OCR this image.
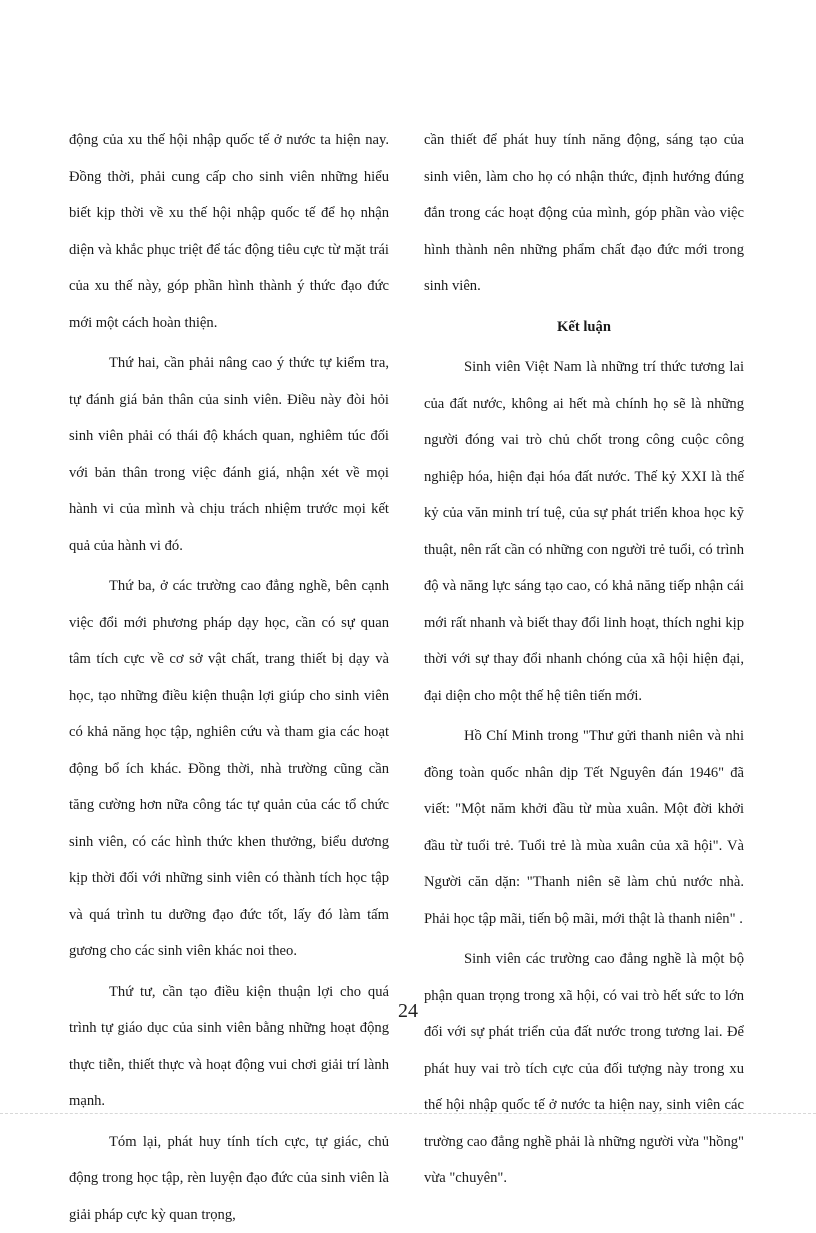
động của xu thế hội nhập quốc tế ở nước ta hiện nay. Đồng thời, phải cung cấp cho sinh viên những hiểu biết kịp thời về xu thế hội nhập quốc tế để họ nhận diện và khắc phục triệt để tác động tiêu cực từ mặt trái của xu thế này, góp phần hình thành ý thức đạo đức mới một cách hoàn thiện.

Thứ hai, cần phải nâng cao ý thức tự kiểm tra, tự đánh giá bản thân của sinh viên. Điều này đòi hỏi sinh viên phải có thái độ khách quan, nghiêm túc đối với bản thân trong việc đánh giá, nhận xét về mọi hành vi của mình và chịu trách nhiệm trước mọi kết quả của hành vi đó.

Thứ ba, ở các trường cao đẳng nghề, bên cạnh việc đổi mới phương pháp dạy học, cần có sự quan tâm tích cực về cơ sở vật chất, trang thiết bị dạy và học, tạo những điều kiện thuận lợi giúp cho sinh viên có khả năng học tập, nghiên cứu và tham gia các hoạt động bổ ích khác. Đồng thời, nhà trường cũng cần tăng cường hơn nữa công tác tự quản của các tổ chức sinh viên, có các hình thức khen thưởng, biểu dương kịp thời đối với những sinh viên có thành tích học tập và quá trình tu dưỡng đạo đức tốt, lấy đó làm tấm gương cho các sinh viên khác noi theo.

Thứ tư, cần tạo điều kiện thuận lợi cho quá trình tự giáo dục của sinh viên bằng những hoạt động thực tiễn, thiết thực và hoạt động vui chơi giải trí lành mạnh.

Tóm lại, phát huy tính tích cực, tự giác, chủ động trong học tập, rèn luyện đạo đức của sinh viên là giải pháp cực kỳ quan trọng,

cần thiết để phát huy tính năng động, sáng tạo của sinh viên, làm cho họ có nhận thức, định hướng đúng đắn trong các hoạt động của mình, góp phần vào việc hình thành nên những phẩm chất đạo đức mới trong sinh viên.

Kết luận

Sinh viên Việt Nam là những trí thức tương lai của đất nước, không ai hết mà chính họ sẽ là những người đóng vai trò chủ chốt trong công cuộc công nghiệp hóa, hiện đại hóa đất nước. Thế kỷ XXI là thế kỷ của văn minh trí tuệ, của sự phát triển khoa học kỹ thuật, nên rất cần có những con người trẻ tuổi, có trình độ và năng lực sáng tạo cao, có khả năng tiếp nhận cái mới rất nhanh và biết thay đổi linh hoạt, thích nghi kịp thời với sự thay đổi nhanh chóng của xã hội hiện đại, đại diện cho một thế hệ tiên tiến mới.

Hồ Chí Minh trong "Thư gửi thanh niên và nhi đồng toàn quốc nhân dịp Tết Nguyên đán 1946" đã viết: "Một năm khởi đầu từ mùa xuân. Một đời khởi đầu từ tuổi trẻ. Tuổi trẻ là mùa xuân của xã hội". Và Người căn dặn: "Thanh niên sẽ làm chủ nước nhà. Phải học tập mãi, tiến bộ mãi, mới thật là thanh niên" .

Sinh viên các trường cao đẳng nghề là một bộ phận quan trọng trong xã hội, có vai trò hết sức to lớn đối với sự phát triển của đất nước trong tương lai. Để phát huy vai trò tích cực của đối tượng này trong xu thế hội nhập quốc tế ở nước ta hiện nay, sinh viên các trường cao đẳng nghề phải là những người vừa "hồng" vừa "chuyên".

24
